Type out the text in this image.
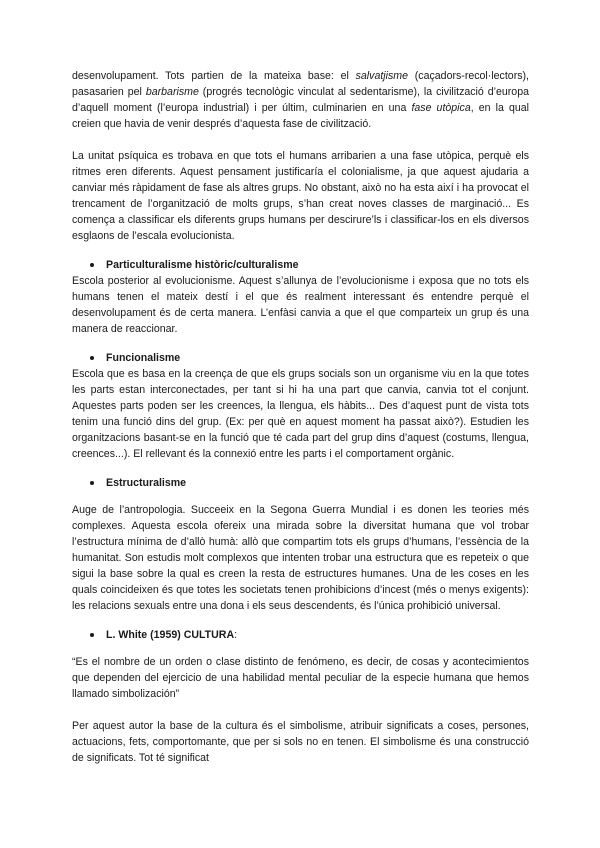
desenvolupament. Tots partien de la mateixa base: el salvatjisme (caçadors-recol·lectors), pasasarien pel barbarisme (progrés tecnològic vinculat al sedentarisme), la civilització d’europa d’aquell moment (l’europa industrial) i per últim, culminarien en una fase utòpica, en la qual creien que havia de venir després d’aquesta fase de civilització.

La unitat psíquica es trobava en que tots el humans arribarien a una fase utòpica, perquè els ritmes eren diferents. Aquest pensament justificaría el colonialisme, ja que aquest ajudaria a canviar més ràpidament de fase als altres grups. No obstant, això no ha esta així i ha provocat el trencament de l’organització de molts grups, s’han creat noves classes de marginació... Es comença a classificar els diferents grups humans per descirure’ls i classificar-los en els diversos esglaons de l’escala evolucionista.

Particulturalisme històric/culturalisme

Escola posterior al evolucionisme. Aquest s’allunya de l’evolucionisme i exposa que no tots els humans tenen el mateix destí i el que és realment interessant és entendre perquè el desenvolupament és de certa manera. L’enfàsi canvia a que el que comparteix un grup és una manera de reaccionar.

Funcionalisme

Escola que es basa en la creença de que els grups socials son un organisme viu en la que totes les parts estan interconectades, per tant si hi ha una part que canvia, canvia tot el conjunt. Aquestes parts poden ser les creences, la llengua, els hàbits... Des d’aquest punt de vista tots tenim una funció dins del grup. (Ex: per què en aquest moment ha passat això?). Estudien les organitzacions basant-se en la funció que té cada part del grup dins d’aquest (costums, llengua, creences...). El rellevant és la connexió entre les parts i el comportament orgànic.

Estructuralisme

Auge de l’antropologia. Succeeix en la Segona Guerra Mundial i es donen les teories més complexes. Aquesta escola ofereix una mirada sobre la diversitat humana que vol trobar l’estructura mínima de d’allò humà: allò que compartim tots els grups d’humans, l’essència de la humanitat. Son estudis molt complexos que intenten trobar una estructura que es repeteix o que sigui la base sobre la qual es creen la resta de estructures humanes. Una de les coses en les quals coincideixen és que totes les societats tenen prohibicions d’incest (més o menys exigents): les relacions sexuals entre una dona i els seus descendents, és l’única prohibició universal.

L. White (1959) CULTURA :

“Es el nombre de un orden o clase distinto de fenómeno, es decir, de cosas y acontecimientos que dependen del ejercicio de una habilidad mental peculiar de la especie humana que hemos llamado simbolización”

Per aquest autor la base de la cultura és el simbolisme, atribuir significats a coses, persones, actuacions, fets, comportomante, que per si sols no en tenen. El simbolisme és una construcció de significats. Tot té significat
